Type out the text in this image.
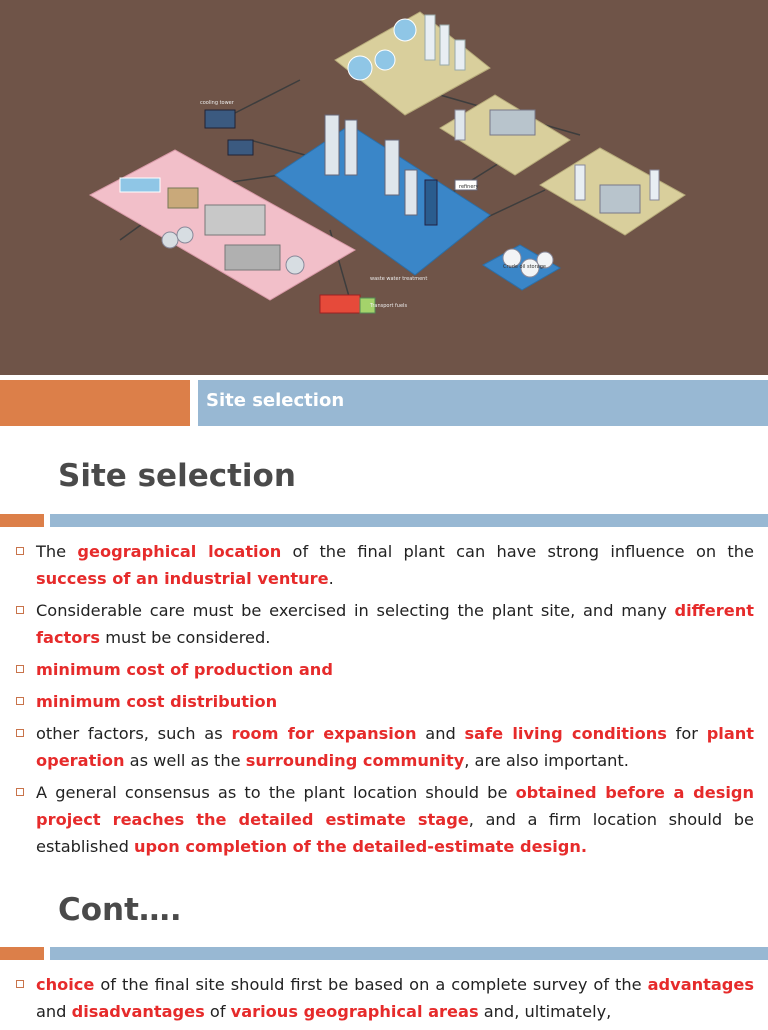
refinery
Crude oil storage
cooling tower
waste water treatment
Transport fuels
Site selection
Site selection
The geographical location of the final plant can have strong influence on the success of an industrial venture.
Considerable care must be exercised in selecting the plant site, and many different factors must be considered.
minimum cost of production and
minimum cost distribution
other factors, such as room for expansion and safe living conditions for plant operation as well as the surrounding community, are also important.
A general consensus as to the plant location should be obtained before a design project reaches the detailed estimate stage, and a firm location should be established upon completion of the detailed-estimate design.
Cont….
choice of the final site should first be based on a complete survey of the advantages and disadvantages of various geographical areas and, ultimately,
